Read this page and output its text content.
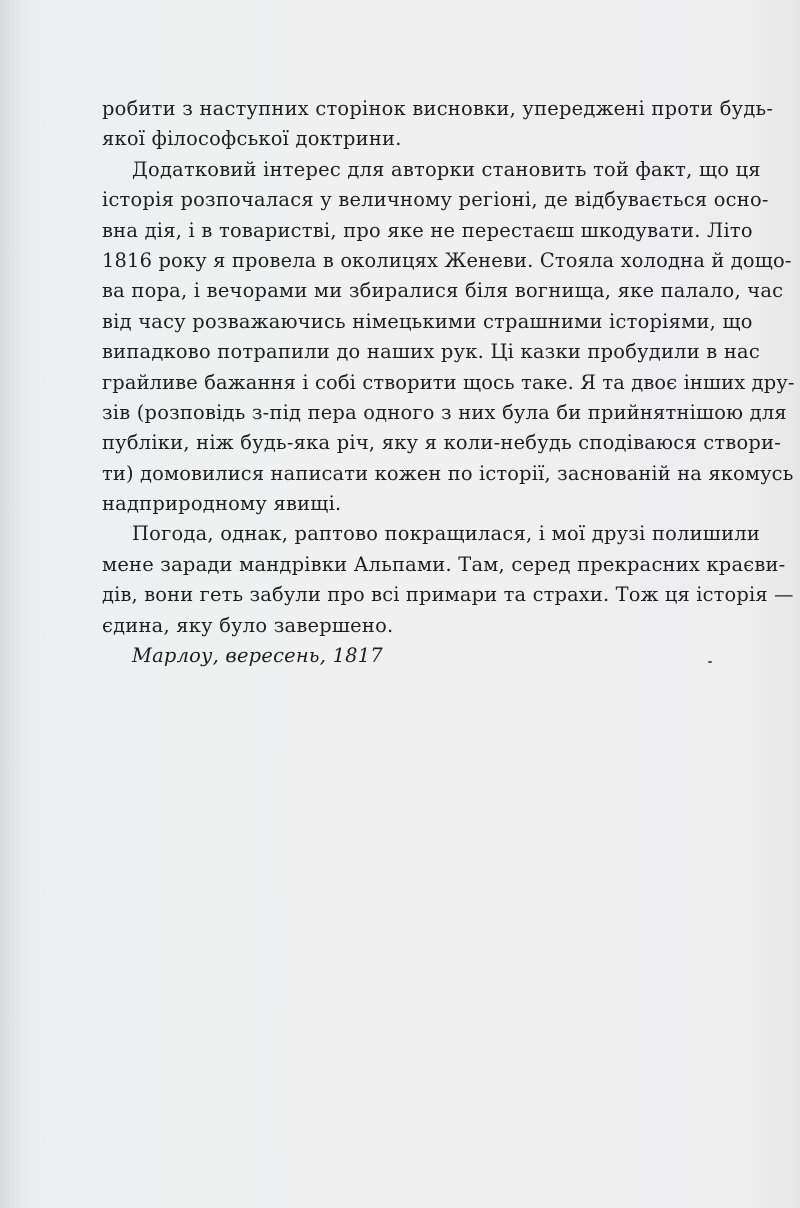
робити з наступних сторінок висновки, упереджені проти будь-
якої філософської доктрини.
Додатковий інтерес для авторки становить той факт, що ця
історія розпочалася у величному регіоні, де відбувається осно-
вна дія, і в товаристві, про яке не перестаєш шкодувати. Літо
1816 року я провела в околицях Женеви. Стояла холодна й дощо-
ва пора, і вечорами ми збиралися біля вогнища, яке палало, час
від часу розважаючись німецькими страшними історіями, що
випадково потрапили до наших рук. Ці казки пробудили в нас
грайливе бажання і собі створити щось таке. Я та двоє інших дру-
зів (розповідь з-під пера одного з них була би прийнятнішою для
публіки, ніж будь-яка річ, яку я коли-небудь сподіваюся створи-
ти) домовилися написати кожен по історії, заснованій на якомусь
надприродному явищі.
Погода, однак, раптово покращилася, і мої друзі полишили
мене заради мандрівки Альпами. Там, серед прекрасних краєви-
дів, вони геть забули про всі примари та страхи. Тож ця історія —
єдина, яку було завершено.
Марлоу, вересень, 1817
